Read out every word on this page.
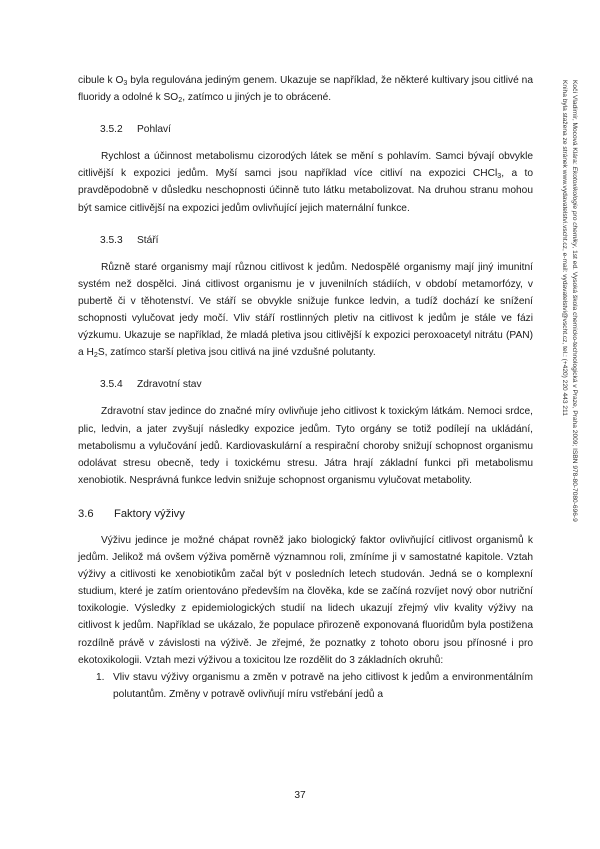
cibule k $O_3$ byla regulována jediným genem. Ukazuje se například, že některé kultivary jsou citlivé na fluoridy a odolné k $SO_2$, zatímco u jiných je to obrácené.

3.5.2 Pohlaví

Rychlost a účinnost metabolismu cizorodých látek se mění s pohlavím. Samci bývají obvykle citlivější k expozici jedům. Myší samci jsou například více citliví na expozici CHCl$_3$, a to pravděpodobně v důsledku neschopnosti účinně tuto látku metabolizovat. Na druhou stranu mohou být samice citlivější na expozici jedům ovlivňující jejich maternální funkce.

3.5.3 Stáří

Různě staré organismy mají různou citlivost k jedům. Nedospělé organismy mají jiný imunitní systém než dospělci. Jiná citlivost organismu je v juvenilních stádiích, v období metamorfózy, v pubertě či v těhotenství. Ve stáří se obvykle snižuje funkce ledvin, a tudíž dochází ke snížení schopnosti vylučovat jedy močí. Vliv stáří rostlinných pletiv na citlivost k jedům je stále ve fázi výzkumu. Ukazuje se například, že mladá pletiva jsou citlivější k expozici peroxoacetyl nitrátu (PAN) a $H_2S$, zatímco starší pletiva jsou citlivá na jiné vzdušné polutanty.

3.5.4 Zdravotní stav

Zdravotní stav jedince do značné míry ovlivňuje jeho citlivost k toxickým látkám. Nemoci srdce, plic, ledvin, a jater zvyšují následky expozice jedům. Tyto orgány se totiž podílejí na ukládání, metabolismu a vylučování jedů. Kardiovaskulární a respirační choroby snižují schopnost organismu odolávat stresu obecně, tedy i toxickému stresu. Játra hrají základní funkci při metabolismu xenobiotik. Nesprávná funkce ledvin snižuje schopnost organismu vylučovat metabolity.

3.6 Faktory výživy

Výživu jedince je možné chápat rovněž jako biologický faktor ovlivňující citlivost organismů k jedům. Jelikož má ovšem výživa poměrně významnou roli, zmíníme ji v samostatné kapitole. Vztah výživy a citlivosti ke xenobiotikům začal být v posledních letech studován. Jedná se o komplexní studium, které je zatím orientováno především na člověka, kde se začíná rozvíjet nový obor nutriční toxikologie. Výsledky z epidemiologických studií na lidech ukazují zřejmý vliv kvality výživy na citlivost k jedům. Například se ukázalo, že populace přirozeně exponovaná fluoridům byla postižena rozdílně právě v závislosti na výživě. Je zřejmé, že poznatky z tohoto oboru jsou přínosné i pro ekotoxikologii. Vztah mezi výživou a toxicitou lze rozdělit do 3 základních okruhů:

1. Vliv stavu výživy organismu a změn v potravě na jeho citlivost k jedům a environmentálním polutantům. Změny v potravě ovlivňují míru vstřebání jedů a
37
Kočí Vladimír, Mocová Klára: Ekotoxikologie pro chemiky, 1st ed. Vysoká škola chemicko-technologická v Praze, Praha 2009; ISBN 978-80-7080-696-9
Kniha byla stažena ze stránek www.vydavatelstvi.vscht.cz, e-mail: vydavatelstvi@vscht.cz, tel.: (+420) 220 443 211
